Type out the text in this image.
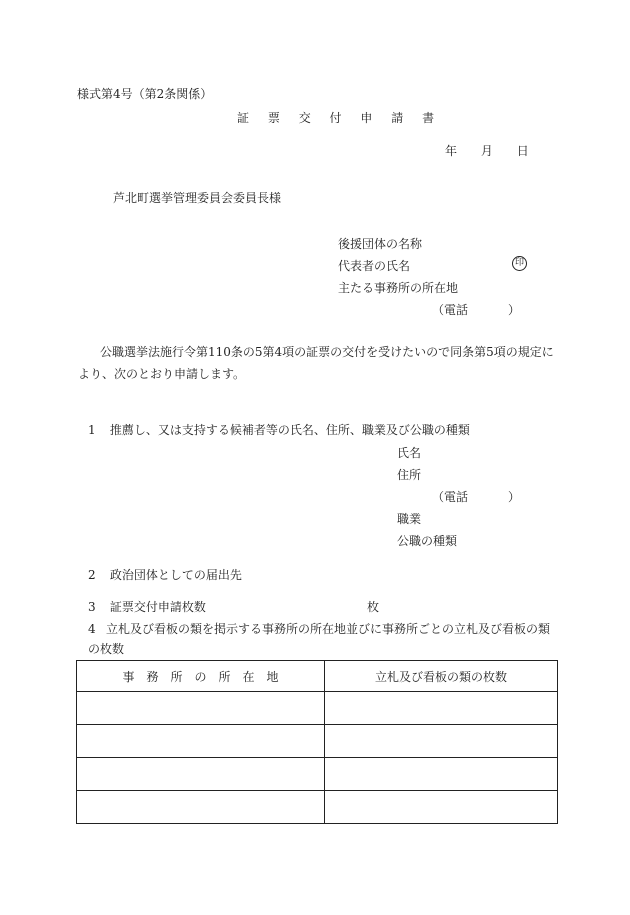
様式第4号（第2条関係）
証 票 交 付 申 請 書
年 月 日
芦北町選挙管理委員会委員長様
後援団体の名称
代表者の氏名	印
主たる事務所の所在地
（電話	）
公職選挙法施行令第110条の5第4項の証票の交付を受けたいので同条第5項の規定により、次のとおり申請します。
1 推薦し、又は支持する候補者等の氏名、住所、職業及び公職の種類
氏名
住所
（電話	）
職業
公職の種類
2 政治団体としての届出先
3 証票交付申請枚数	枚
4 立札及び看板の類を掲示する事務所の所在地並びに事務所ごとの立札及び看板の類の枚数
事　務　所　の　所　在　地	立札及び看板の類の枚数
